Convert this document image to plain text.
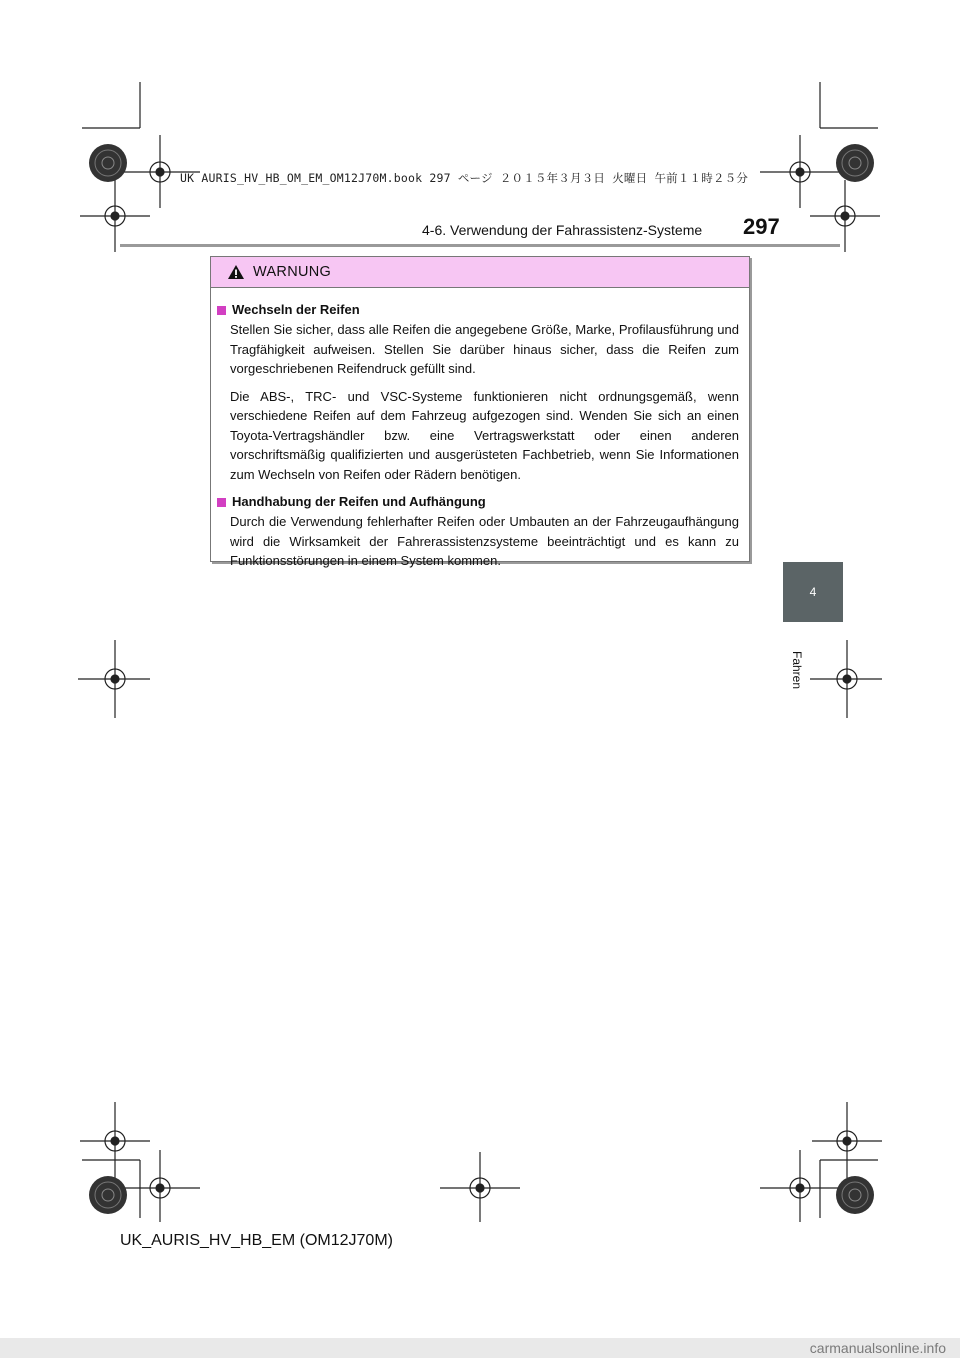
UK AURIS_HV_HB_OM_EM_OM12J70M.book 297 ページ ２０１５年３月３日 火曜日 午前１１時２５分
4-6. Verwendung der Fahrassistenz-Systeme 297
4
Fahren
WARNUNG
Wechseln der Reifen

Stellen Sie sicher, dass alle Reifen die angegebene Größe, Marke, Profilausführung und Tragfähigkeit aufweisen. Stellen Sie darüber hinaus sicher, dass die Reifen zum vorgeschriebenen Reifendruck gefüllt sind.

Die ABS-, TRC- und VSC-Systeme funktionieren nicht ordnungsgemäß, wenn verschiedene Reifen auf dem Fahrzeug aufgezogen sind. Wenden Sie sich an einen Toyota-Vertragshändler bzw. eine Vertragswerkstatt oder einen anderen vorschriftsmäßig qualifizierten und ausgerüsteten Fachbetrieb, wenn Sie Informationen zum Wechseln von Reifen oder Rädern benötigen.

Handhabung der Reifen und Aufhängung

Durch die Verwendung fehlerhafter Reifen oder Umbauten an der Fahrzeugaufhängung wird die Wirksamkeit der Fahrerassistenzsysteme beeinträchtigt und es kann zu Funktionsstörungen in einem System kommen.

UK_AURIS_HV_HB_EM (OM12J70M)
carmanualsonline.info
